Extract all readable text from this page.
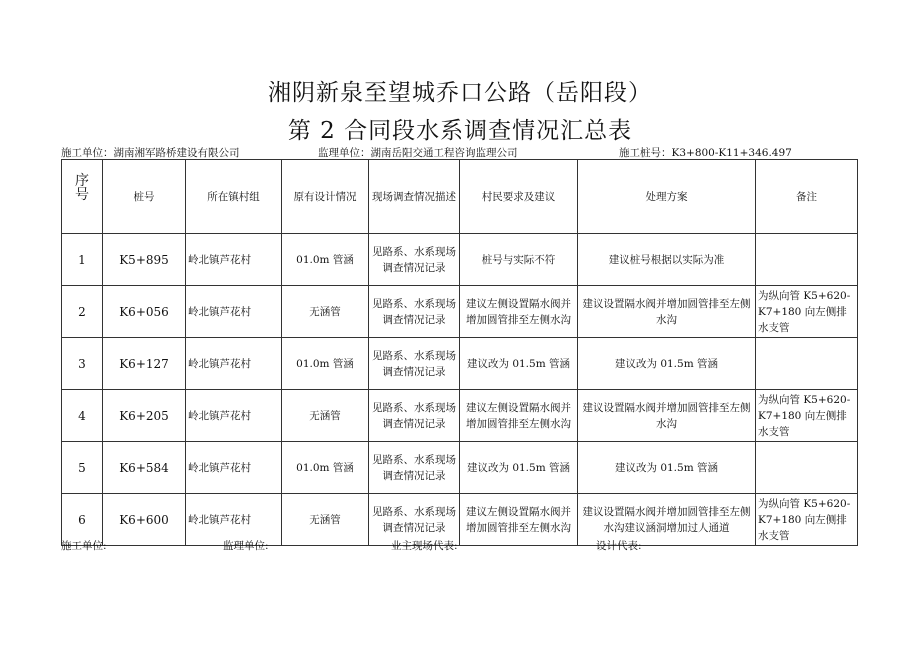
湘阴新泉至望城乔口公路（岳阳段）
第 2 合同段水系调查情况汇总表
施工单位：湖南湘军路桥建设有限公司	监理单位：湖南岳阳交通工程咨询监理公司	施工桩号：K3+800-K11+346.497
序
号	桩号	所在镇村组	原有设计情况	现场调查情况描述	村民要求及建议	处理方案	备注
1	K5+895	岭北镇芦花村	01.0m 管涵	见路系、水系现场调查情况记录	桩号与实际不符	建议桩号根据以实际为准	
2	K6+056	岭北镇芦花村	无涵管	见路系、水系现场调查情况记录	建议左侧设置隔水阀并增加圆管排至左侧水沟	建议设置隔水阀并增加圆管排至左侧水沟	为纵向管 K5+620-K7+180 向左侧排水支管
3	K6+127	岭北镇芦花村	01.0m 管涵	见路系、水系现场调查情况记录	建议改为 01.5m 管涵	建议改为 01.5m 管涵	
4	K6+205	岭北镇芦花村	无涵管	见路系、水系现场调查情况记录	建议左侧设置隔水阀并增加圆管排至左侧水沟	建议设置隔水阀并增加圆管排至左侧水沟	为纵向管 K5+620-K7+180 向左侧排水支管
5	K6+584	岭北镇芦花村	01.0m 管涵	见路系、水系现场调查情况记录	建议改为 01.5m 管涵	建议改为 01.5m 管涵	
6	K6+600	岭北镇芦花村	无涵管	见路系、水系现场调查情况记录	建议左侧设置隔水阀并增加圆管排至左侧水沟	建议设置隔水阀并增加圆管排至左侧水沟建议涵洞增加过人通道	为纵向管 K5+620-K7+180 向左侧排水支管
施工单位:	监理单位:	业主现场代表:	设计代表:
